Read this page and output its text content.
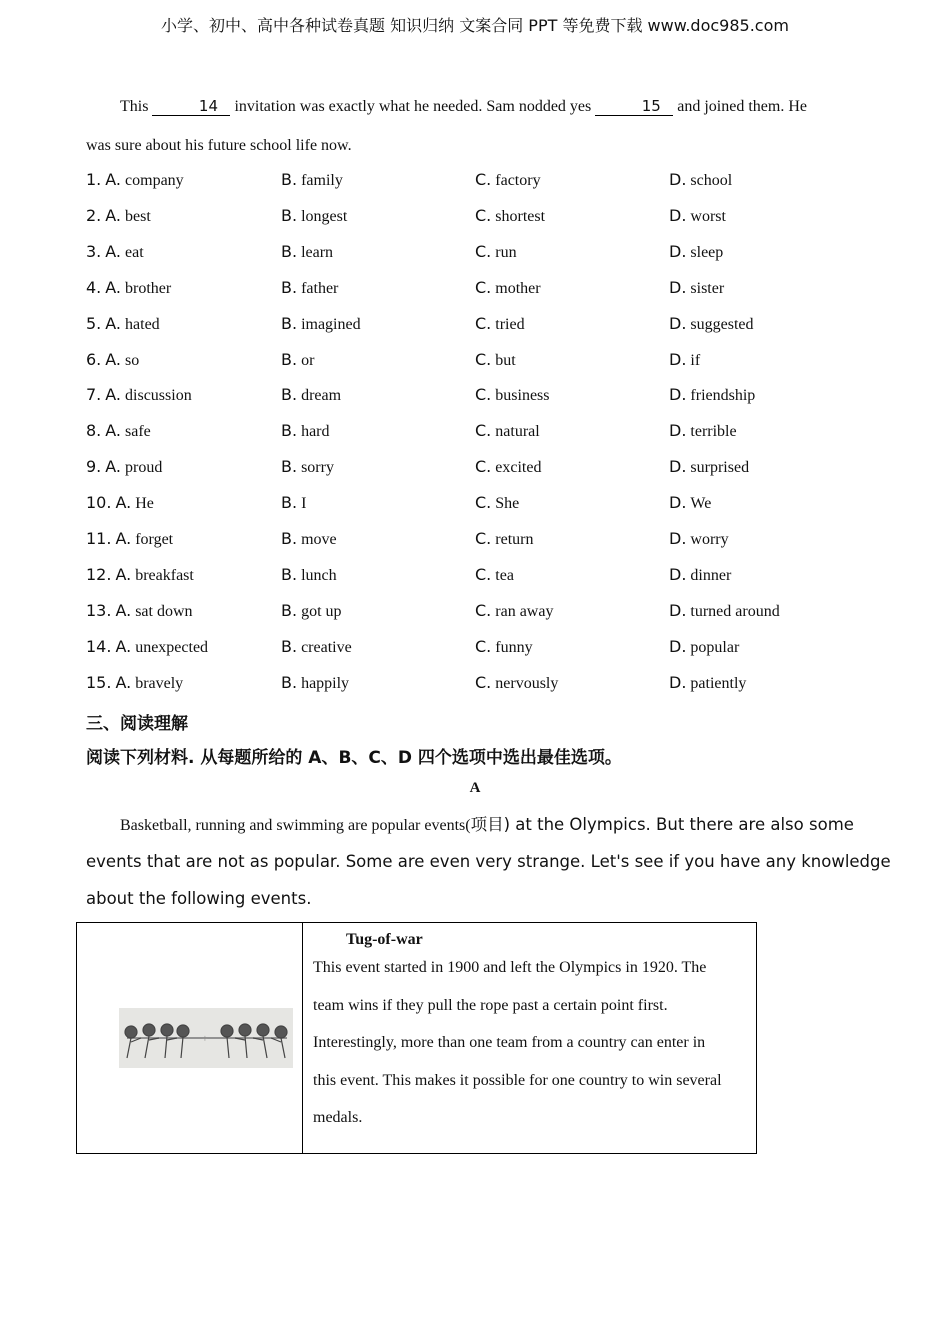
小学、初中、高中各种试卷真题 知识归纳 文案合同 PPT 等免费下载 www.doc985.com
This	14 invitation was exactly what he needed. Sam nodded yes	15 and joined them. He
was sure about his future school life now.
1. A. company	B. family	C. factory	D. school
2. A. best	B. longest	C. shortest	D. worst
3. A. eat	B. learn	C. run	D. sleep
4. A. brother	B. father	C. mother	D. sister
5. A. hated	B. imagined	C. tried	D. suggested
6. A. so	B. or	C. but	D. if
7. A. discussion	B. dream	C. business	D. friendship
8. A. safe	B. hard	C. natural	D. terrible
9. A. proud	B. sorry	C. excited	D. surprised
10. A. He	B. I	C. She	D. We
11. A. forget	B. move	C. return	D. worry
12. A. breakfast	B. lunch	C. tea	D. dinner
13. A. sat down	B. got up	C. ran away	D. turned around
14. A. unexpected	B. creative	C. funny	D. popular
15. A. bravely	B. happily	C. nervously	D. patiently
三、阅读理解
阅读下列材料. 从每题所给的 A、B、C、D 四个选项中选出最佳选项。
A
Basketball, running and swimming are popular events(项目) at the Olympics. But there are also some
events that are not as popular. Some are even very strange. Let's see if you have any knowledge
about the following events.
+

Tug-of-war
This event started in 1900 and left the Olympics in 1920. The
team wins if they pull the rope past a certain point first.
Interestingly, more than one team from a country can enter in
this event. This makes it possible for one country to win several
medals.
